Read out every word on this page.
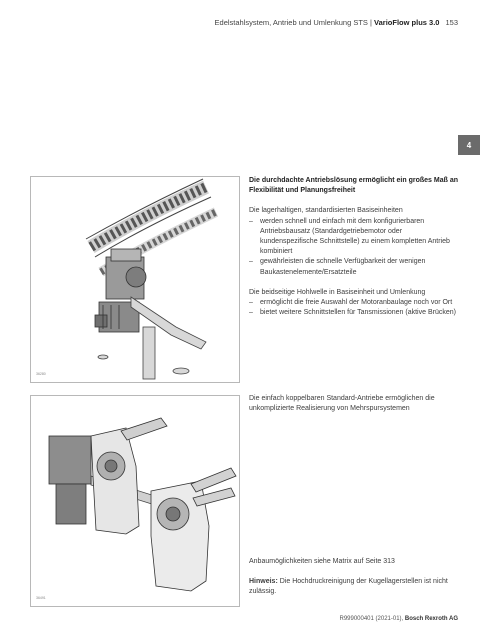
Edelstahlsystem, Antrieb und Umlenkung STS | VarioFlow plus 3.0 153
4
36280
36491
Die durchdachte Antriebslösung ermöglicht ein großes Maß an Flexibilität und Planungsfreiheit
Die lagerhaltigen, standardisierten Basiseinheiten
– werden schnell und einfach mit dem konfigurierbaren Antriebsbausatz (Standardgetriebemotor oder kundenspezifische Schnittstelle) zu einem kompletten Antrieb kombiniert
– gewährleisten die schnelle Verfügbarkeit der wenigen Baukastenelemente/Ersatzteile
Die beidseitige Hohlwelle in Basiseinheit und Umlenkung
– ermöglicht die freie Auswahl der Motoranbaulage noch vor Ort
– bietet weitere Schnittstellen für Tansmissionen (aktive Brücken)
Die einfach koppelbaren Standard-Antriebe ermöglichen die unkomplizierte Realisierung von Mehrspursystemen
Anbaumöglichkeiten siehe Matrix auf Seite 313
Hinweis: Die Hochdruckreinigung der Kugellagerstellen ist nicht zulässig.
R999000401 (2021-01), Bosch Rexroth AG
